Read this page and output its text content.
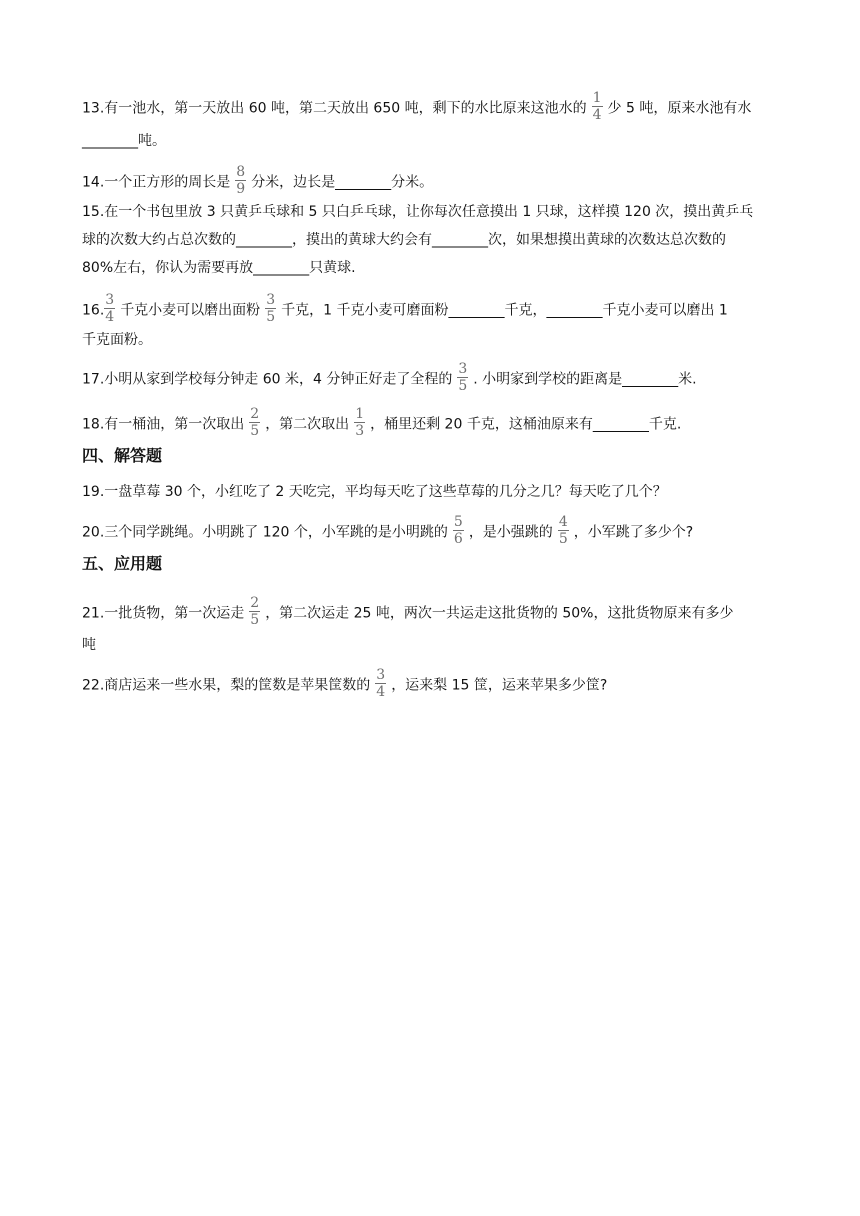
13.有一池水，第一天放出 60 吨，第二天放出 650 吨，剩下的水比原来这池水的 $\frac{1}{4}$ 少 5 吨，原来水池有水
________吨。
14.一个正方形的周长是 $\frac{8}{9}$ 分米，边长是________分米。
15.在一个书包里放 3 只黄乒乓球和 5 只白乒乓球，让你每次任意摸出 1 只球，这样摸 120 次，摸出黄乒乓
球的次数大约占总次数的________，摸出的黄球大约会有________次，如果想摸出黄球的次数达总次数的
80%左右，你认为需要再放________只黄球.
16. $\frac{3}{4}$ 千克小麦可以磨出面粉 $\frac{3}{5}$ 千克，1 千克小麦可磨面粉________千克，________千克小麦可以磨出 1
千克面粉。
17.小明从家到学校每分钟走 60 米，4 分钟正好走了全程的 $\frac{3}{5}$ . 小明家到学校的距离是________米.
18.有一桶油，第一次取出 $\frac{2}{5}$ ，第二次取出 $\frac{1}{3}$ ，桶里还剩 20 千克，这桶油原来有________千克.
四、解答题
19.一盘草莓 30 个，小红吃了 2 天吃完，平均每天吃了这些草莓的几分之几？每天吃了几个？
20.三个同学跳绳。小明跳了 120 个，小军跳的是小明跳的 $\frac{5}{6}$ ，是小强跳的 $\frac{4}{5}$ ，小军跳了多少个?
五、应用题
21.一批货物，第一次运走 $\frac{2}{5}$ ，第二次运走 25 吨，两次一共运走这批货物的 50%，这批货物原来有多少
吨
22.商店运来一些水果，梨的筐数是苹果筐数的 $\frac{3}{4}$ ，运来梨 15 筐，运来苹果多少筐?
